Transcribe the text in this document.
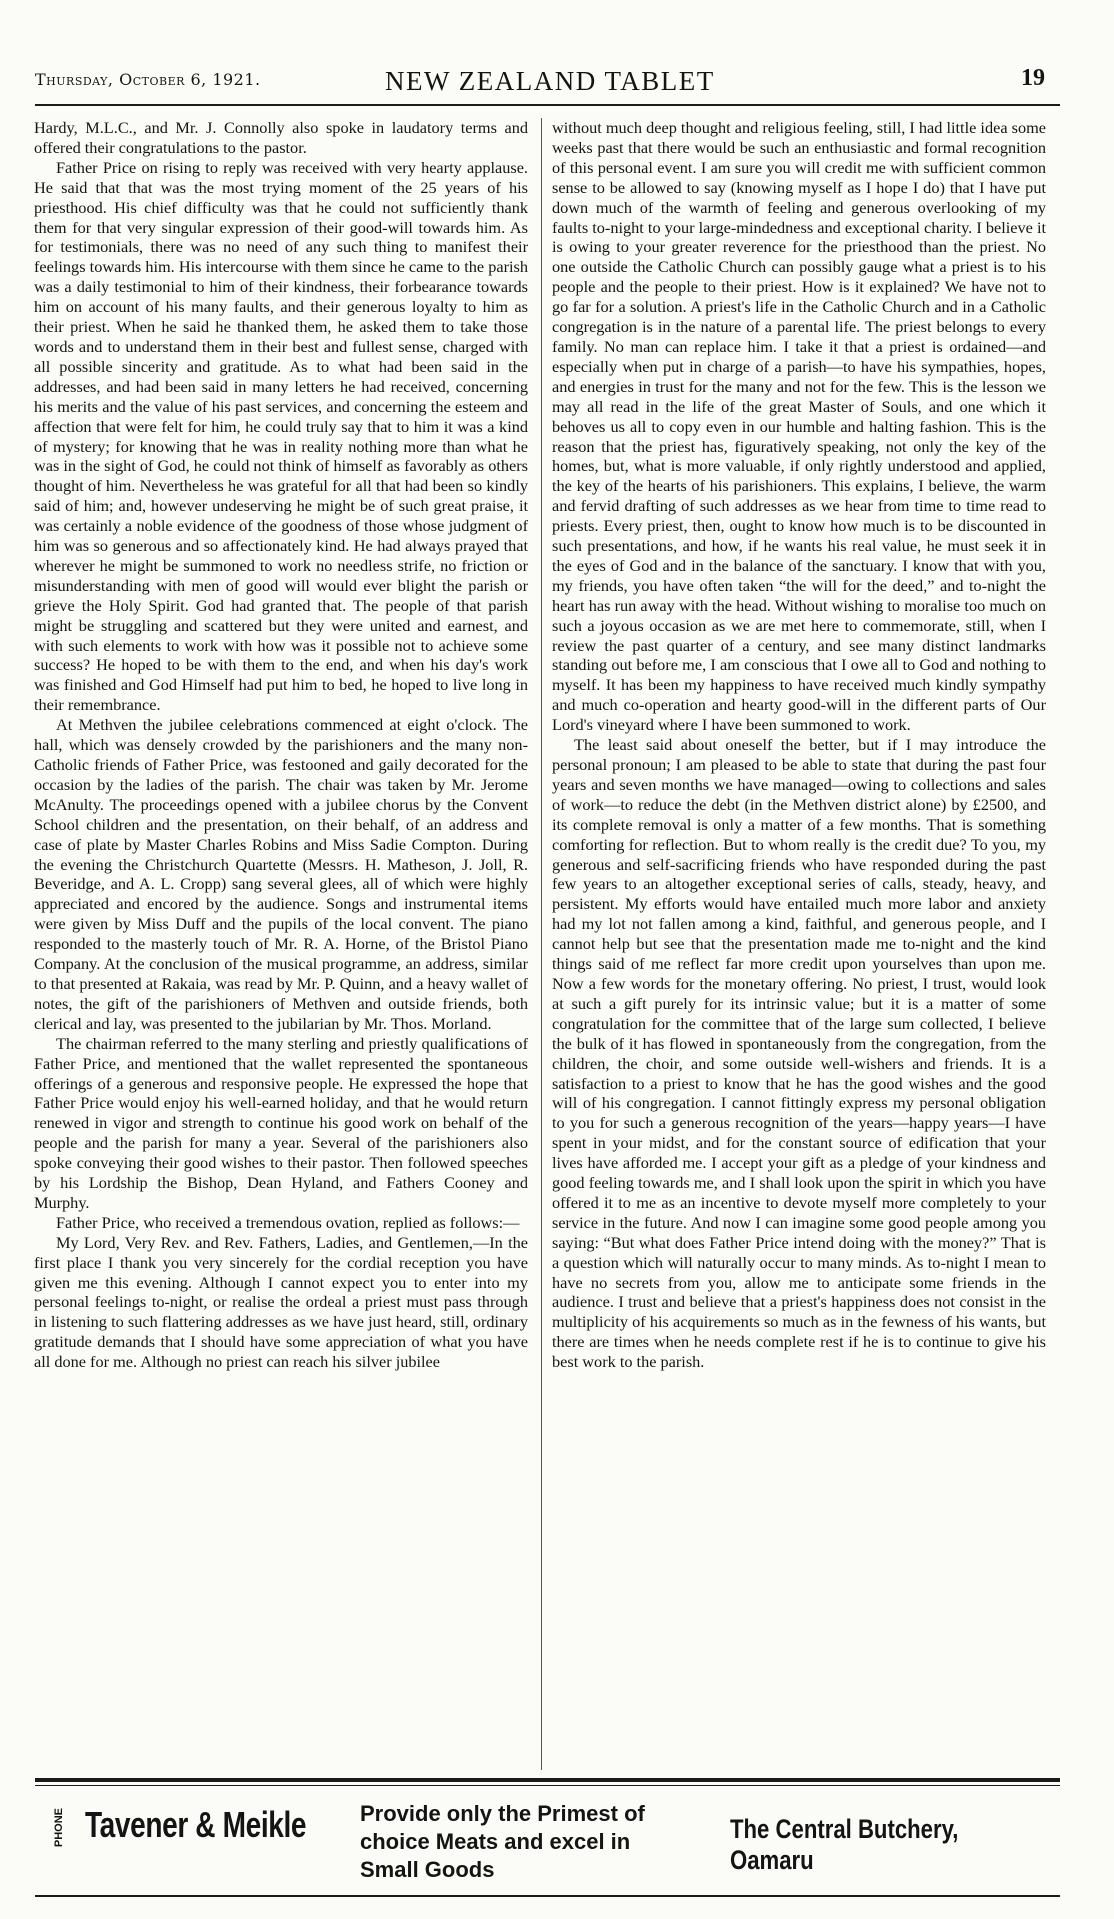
Thursday, October 6, 1921.	NEW ZEALAND TABLET	19

Hardy, M.L.C., and Mr. J. Connolly also spoke in laudatory terms and offered their congratulations to the pastor.

Father Price on rising to reply was received with very hearty applause. He said that that was the most trying moment of the 25 years of his priesthood. His chief difficulty was that he could not sufficiently thank them for that very singular expression of their good-will towards him. As for testimonials, there was no need of any such thing to manifest their feelings towards him. His intercourse with them since he came to the parish was a daily testimonial to him of their kindness, their forbearance towards him on account of his many faults, and their generous loyalty to him as their priest. When he said he thanked them, he asked them to take those words and to understand them in their best and fullest sense, charged with all possible sincerity and gratitude. As to what had been said in the addresses, and had been said in many letters he had received, concerning his merits and the value of his past services, and concerning the esteem and affection that were felt for him, he could truly say that to him it was a kind of mystery; for knowing that he was in reality nothing more than what he was in the sight of God, he could not think of himself as favorably as others thought of him. Nevertheless he was grateful for all that had been so kindly said of him; and, however undeserving he might be of such great praise, it was certainly a noble evidence of the goodness of those whose judgment of him was so generous and so affectionately kind. He had always prayed that wherever he might be summoned to work no needless strife, no friction or misunderstanding with men of good will would ever blight the parish or grieve the Holy Spirit. God had granted that. The people of that parish might be struggling and scattered but they were united and earnest, and with such elements to work with how was it possible not to achieve some success? He hoped to be with them to the end, and when his day's work was finished and God Himself had put him to bed, he hoped to live long in their remembrance.

At Methven the jubilee celebrations commenced at eight o'clock. The hall, which was densely crowded by the parishioners and the many non-Catholic friends of Father Price, was festooned and gaily decorated for the occasion by the ladies of the parish. The chair was taken by Mr. Jerome McAnulty. The proceedings opened with a jubilee chorus by the Convent School children and the presentation, on their behalf, of an address and case of plate by Master Charles Robins and Miss Sadie Compton. During the evening the Christchurch Quartette (Messrs. H. Matheson, J. Joll, R. Beveridge, and A. L. Cropp) sang several glees, all of which were highly appreciated and encored by the audience. Songs and instrumental items were given by Miss Duff and the pupils of the local convent. The piano responded to the masterly touch of Mr. R. A. Horne, of the Bristol Piano Company. At the conclusion of the musical programme, an address, similar to that presented at Rakaia, was read by Mr. P. Quinn, and a heavy wallet of notes, the gift of the parishioners of Methven and outside friends, both clerical and lay, was presented to the jubilarian by Mr. Thos. Morland.

The chairman referred to the many sterling and priestly qualifications of Father Price, and mentioned that the wallet represented the spontaneous offerings of a generous and responsive people. He expressed the hope that Father Price would enjoy his well-earned holiday, and that he would return renewed in vigor and strength to continue his good work on behalf of the people and the parish for many a year. Several of the parishioners also spoke conveying their good wishes to their pastor. Then followed speeches by his Lordship the Bishop, Dean Hyland, and Fathers Cooney and Murphy.

Father Price, who received a tremendous ovation, replied as follows:—

My Lord, Very Rev. and Rev. Fathers, Ladies, and Gentlemen,—In the first place I thank you very sincerely for the cordial reception you have given me this evening. Although I cannot expect you to enter into my personal feelings to-night, or realise the ordeal a priest must pass through in listening to such flattering addresses as we have just heard, still, ordinary gratitude demands that I should have some appreciation of what you have all done for me. Although no priest can reach his silver jubilee

without much deep thought and religious feeling, still, I had little idea some weeks past that there would be such an enthusiastic and formal recognition of this personal event. I am sure you will credit me with sufficient common sense to be allowed to say (knowing myself as I hope I do) that I have put down much of the warmth of feeling and generous overlooking of my faults to-night to your large-mindedness and exceptional charity. I believe it is owing to your greater reverence for the priesthood than the priest. No one outside the Catholic Church can possibly gauge what a priest is to his people and the people to their priest. How is it explained? We have not to go far for a solution. A priest's life in the Catholic Church and in a Catholic congregation is in the nature of a parental life. The priest belongs to every family. No man can replace him. I take it that a priest is ordained—and especially when put in charge of a parish—to have his sympathies, hopes, and energies in trust for the many and not for the few. This is the lesson we may all read in the life of the great Master of Souls, and one which it behoves us all to copy even in our humble and halting fashion. This is the reason that the priest has, figuratively speaking, not only the key of the homes, but, what is more valuable, if only rightly understood and applied, the key of the hearts of his parishioners. This explains, I believe, the warm and fervid drafting of such addresses as we hear from time to time read to priests. Every priest, then, ought to know how much is to be discounted in such presentations, and how, if he wants his real value, he must seek it in the eyes of God and in the balance of the sanctuary. I know that with you, my friends, you have often taken “the will for the deed,” and to-night the heart has run away with the head. Without wishing to moralise too much on such a joyous occasion as we are met here to commemorate, still, when I review the past quarter of a century, and see many distinct landmarks standing out before me, I am conscious that I owe all to God and nothing to myself. It has been my happiness to have received much kindly sympathy and much co-operation and hearty good-will in the different parts of Our Lord's vineyard where I have been summoned to work.

The least said about oneself the better, but if I may introduce the personal pronoun; I am pleased to be able to state that during the past four years and seven months we have managed—owing to collections and sales of work—to reduce the debt (in the Methven district alone) by £2500, and its complete removal is only a matter of a few months. That is something comforting for reflection. But to whom really is the credit due? To you, my generous and self-sacrificing friends who have responded during the past few years to an altogether exceptional series of calls, steady, heavy, and persistent. My efforts would have entailed much more labor and anxiety had my lot not fallen among a kind, faithful, and generous people, and I cannot help but see that the presentation made me to-night and the kind things said of me reflect far more credit upon yourselves than upon me. Now a few words for the monetary offering. No priest, I trust, would look at such a gift purely for its intrinsic value; but it is a matter of some congratulation for the committee that of the large sum collected, I believe the bulk of it has flowed in spontaneously from the congregation, from the children, the choir, and some outside well-wishers and friends. It is a satisfaction to a priest to know that he has the good wishes and the good will of his congregation. I cannot fittingly express my personal obligation to you for such a generous recognition of the years—happy years—I have spent in your midst, and for the constant source of edification that your lives have afforded me. I accept your gift as a pledge of your kindness and good feeling towards me, and I shall look upon the spirit in which you have offered it to me as an incentive to devote myself more completely to your service in the future. And now I can imagine some good people among you saying: “But what does Father Price intend doing with the money?” That is a question which will naturally occur to many minds. As to-night I mean to have no secrets from you, allow me to anticipate some friends in the audience. I trust and believe that a priest's happiness does not consist in the multiplicity of his acquirements so much as in the fewness of his wants, but there are times when he needs complete rest if he is to continue to give his best work to the parish.

PHONE Tavener & Meikle Provide only the Primest of choice Meats and excel in Small Goods
The Central Butchery, Oamaru
